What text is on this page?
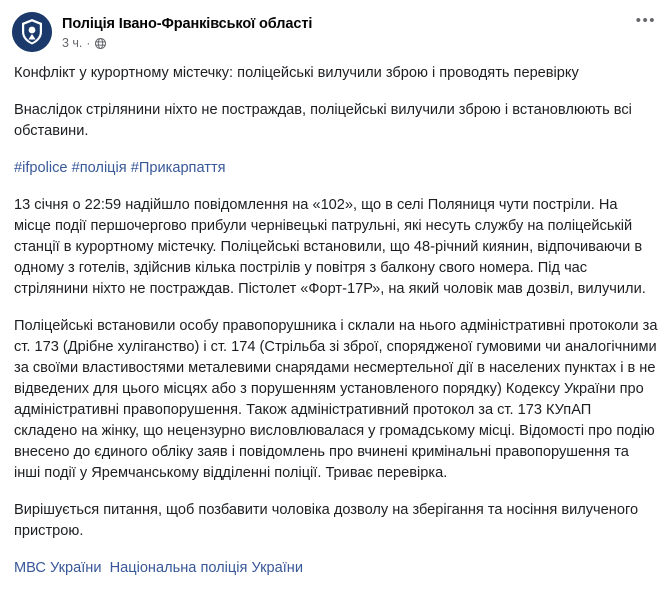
Поліція Івано-Франківської області
3 ч. ·
•••

Конфлікт у курортному містечку: поліцейські вилучили зброю і проводять перевірку

Внаслідок стрілянини ніхто не постраждав, поліцейські вилучили зброю і встановлюють всі обставини.

#ifpolice #поліція #Прикарпаття

13 січня о 22:59 надійшло повідомлення на «102», що в селі Поляниця чути постріли. На місце події першочергово прибули чернівецькі патрульні, які несуть службу на поліцейській станції в курортному містечку. Поліцейські встановили, що 48-річний киянин, відпочиваючи в одному з готелів, здійснив кілька пострілів у повітря з балкону свого номера. Під час стрілянини ніхто не постраждав. Пістолет «Форт-17Р», на який чоловік мав дозвіл, вилучили.

Поліцейські встановили особу правопорушника і склали на нього адміністративні протоколи за ст. 173 (Дрібне хуліганство) і ст. 174 (Стрільба зі зброї, спорядженої гумовими чи аналогічними за своїми властивостями металевими снарядами несмертельної дії в населених пунктах і в не відведених для цього місцях або з порушенням установленого порядку) Кодексу України про адміністративні правопорушення. Також адміністративний протокол за ст. 173 КУпАП складено на жінку, що нецензурно висловлювалася у громадському місці. Відомості про подію внесено до єдиного обліку заяв і повідомлень про вчинені кримінальні правопорушення та інші події у Яремчанському відділенні поліції. Триває перевірка.

Вирішується питання, щоб позбавити чоловіка дозволу на зберігання та носіння вилученого пристрою.

МВС України Національна поліція України
